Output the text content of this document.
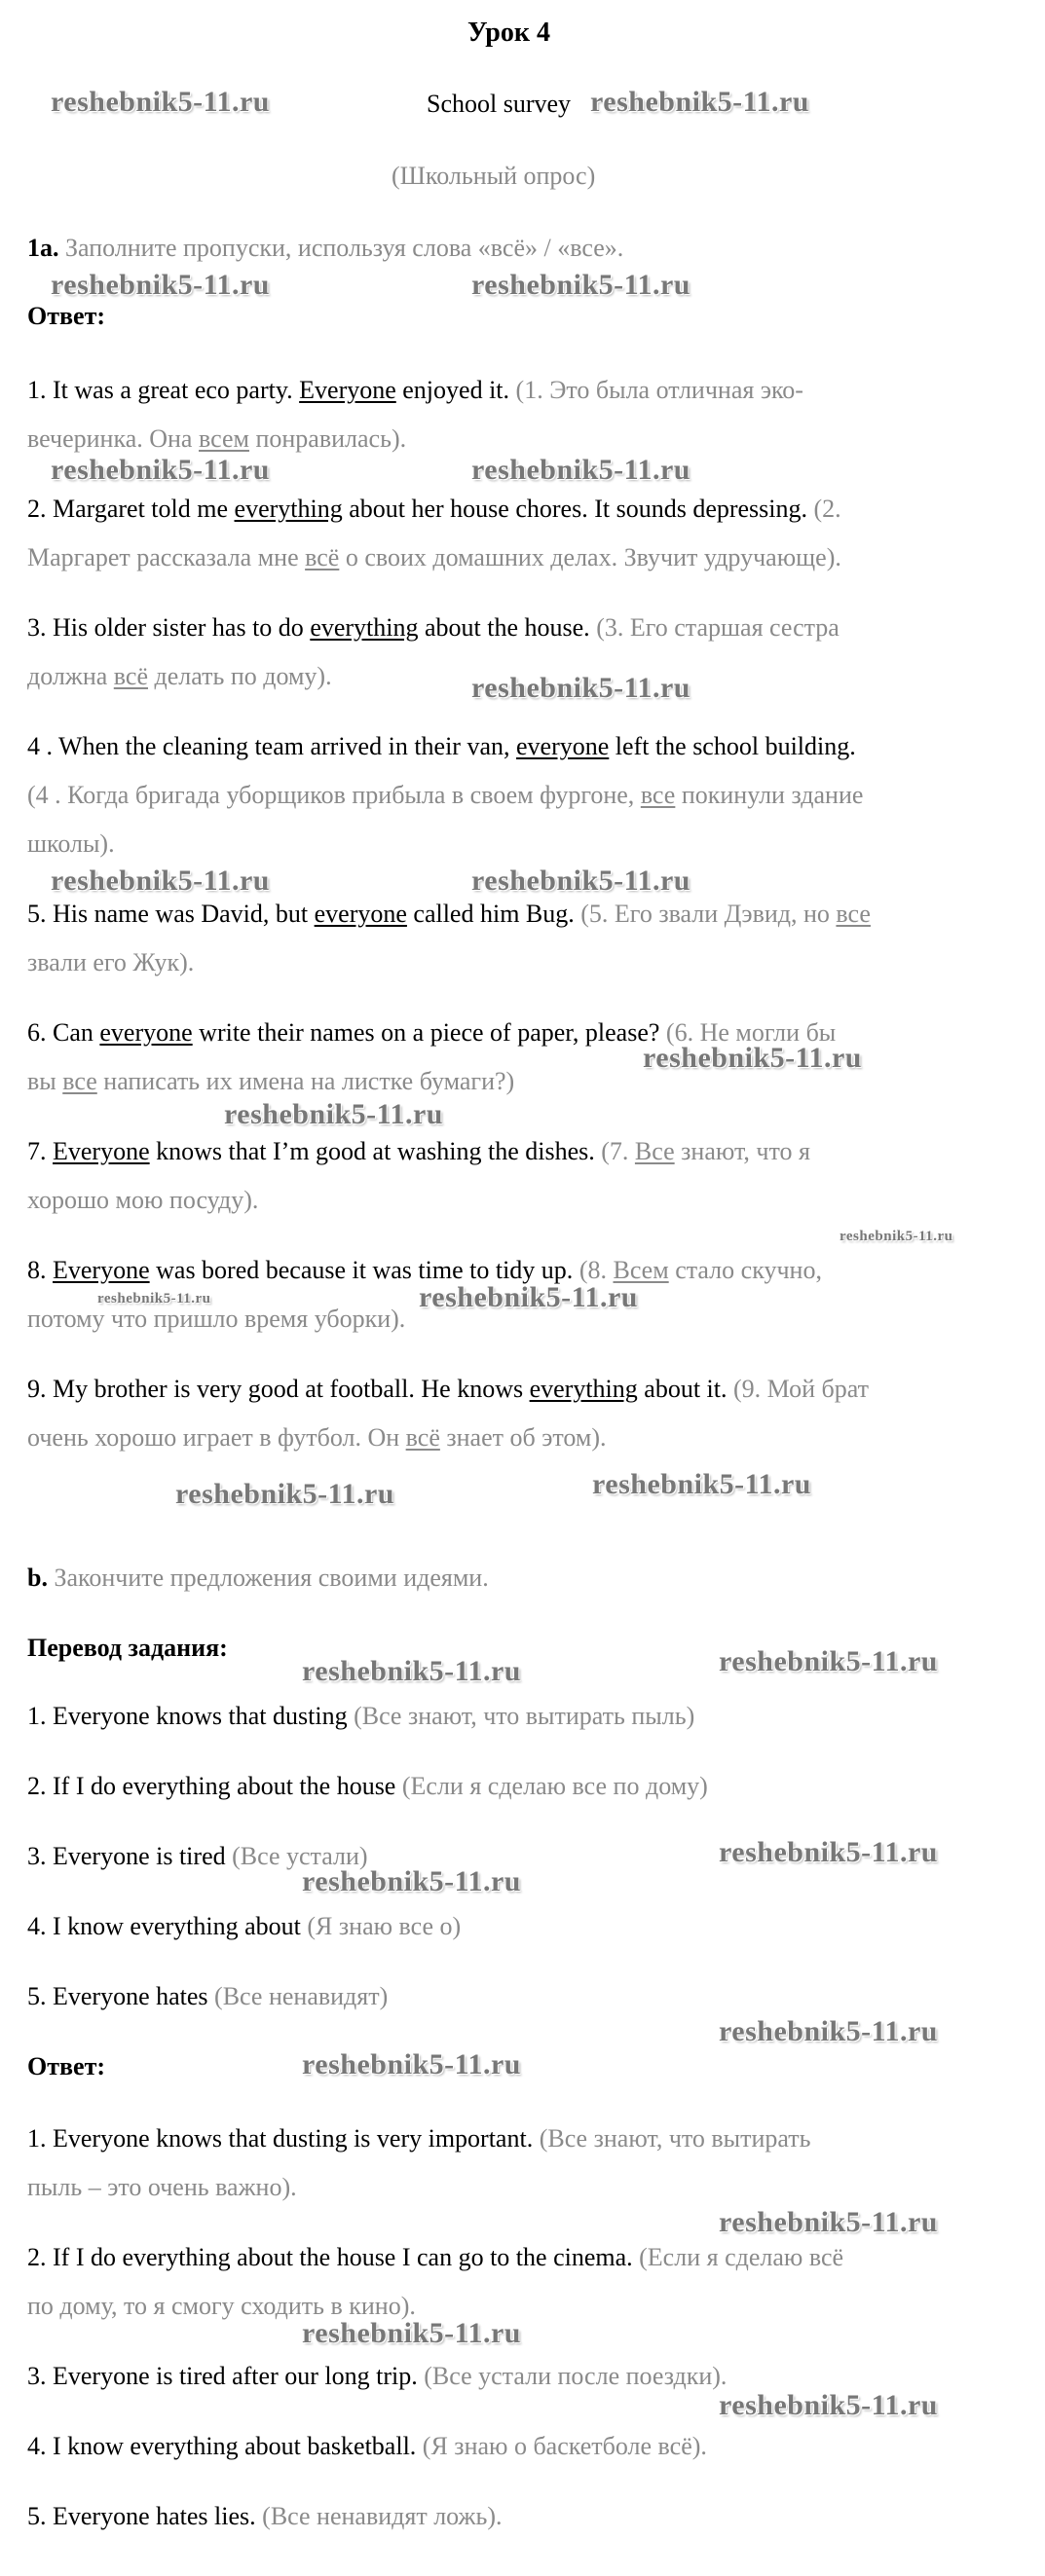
Урок 4
School survey
(Школьный опрос)
1a. Заполните пропуски, используя слова «всё» / «все».
Ответ:
1. It was a great eco party. Everyone enjoyed it. (1. Это была отличная эко-
вечеринка. Она всем понравилась).
2. Margaret told me everything about her house chores. It sounds depressing. (2.
Маргарет рассказала мне всё о своих домашних делах. Звучит удручающе).
3. His older sister has to do everything about the house. (3. Его старшая сестра
должна всё делать по дому).
4 . When the cleaning team arrived in their van, everyone left the school building.
(4 . Когда бригада уборщиков прибыла в своем фургоне, все покинули здание
школы).
5. His name was David, but everyone called him Bug. (5. Его звали Дэвид, но все
звали его Жук).
6. Can everyone write their names on a piece of paper, please? (6. Не могли бы
вы все написать их имена на листке бумаги?)
7. Everyone knows that I’m good at washing the dishes. (7. Все знают, что я
хорошо мою посуду).
8. Everyone was bored because it was time to tidy up. (8. Всем стало скучно,
потому что пришло время уборки).
9. My brother is very good at football. He knows everything about it. (9. Мой брат
очень хорошо играет в футбол. Он всё знает об этом).
b. Закончите предложения своими идеями.
Перевод задания:
1. Everyone knows that dusting (Все знают, что вытирать пыль)
2. If I do everything about the house (Если я сделаю все по дому)
3. Everyone is tired (Все устали)
4. I know everything about (Я знаю все о)
5. Everyone hates (Все ненавидят)
Ответ:
1. Everyone knows that dusting is very important. (Все знают, что вытирать
пыль – это очень важно).
2. If I do everything about the house I can go to the cinema. (Если я сделаю всё
по дому, то я смогу сходить в кино).
3. Everyone is tired after our long trip. (Все устали после поездки).
4. I know everything about basketball. (Я знаю о баскетболе всё).
5. Everyone hates lies. (Все ненавидят ложь).
reshebnik5-11.ru	reshebnik5-11.ru
reshebnik5-11.ru	reshebnik5-11.ru
reshebnik5-11.ru	reshebnik5-11.ru
reshebnik5-11.ru
reshebnik5-11.ru	reshebnik5-11.ru
reshebnik5-11.ru
reshebnik5-11.ru
reshebnik5-11.ru
reshebnik5-11.ru	reshebnik5-11.ru
reshebnik5-11.ru	reshebnik5-11.ru
reshebnik5-11.ru	reshebnik5-11.ru
reshebnik5-11.ru
reshebnik5-11.ru
reshebnik5-11.ru
reshebnik5-11.ru
reshebnik5-11.ru
reshebnik5-11.ru
reshebnik5-11.ru
